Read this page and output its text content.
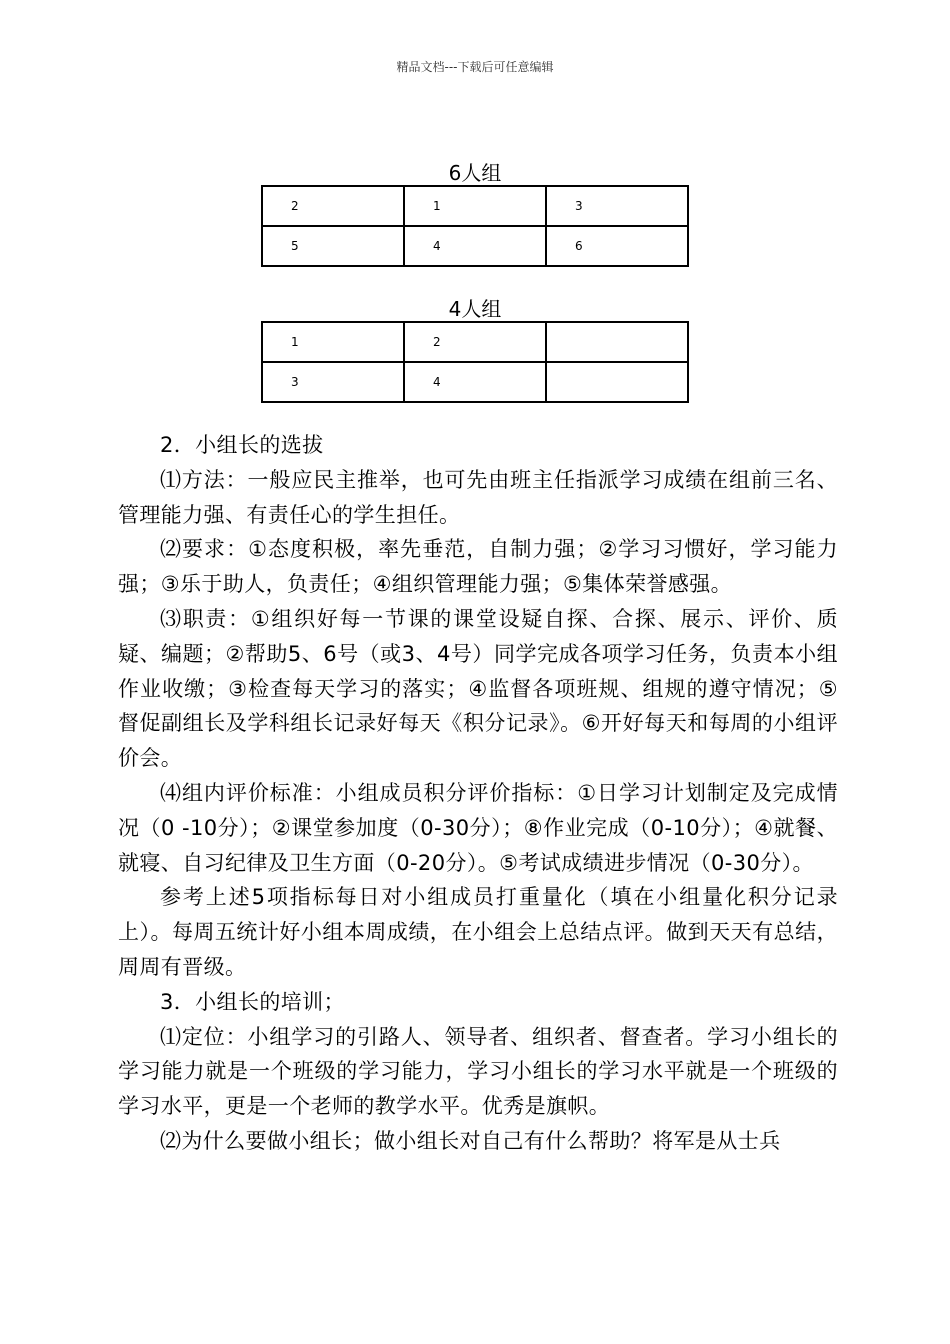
精品文档---下载后可任意编辑
6人组
2	1	3
5	4	6
4人组
1	2	
3	4	

2．小组长的选拔

⑴方法：一般应民主推举，也可先由班主任指派学习成绩在组前三名、管理能力强、有责任心的学生担任。

⑵要求：①态度积极，率先垂范，自制力强；②学习习惯好，学习能力强；③乐于助人，负责任；④组织管理能力强；⑤集体荣誉感强。

⑶职责：①组织好每一节课的课堂设疑自探、合探、展示、评价、质疑、编题；②帮助5、6号（或3、4号）同学完成各项学习任务，负责本小组作业收缴；③检查每天学习的落实；④监督各项班规、组规的遵守情况；⑤督促副组长及学科组长记录好每天《积分记录》。⑥开好每天和每周的小组评价会。

⑷组内评价标准：小组成员积分评价指标：①日学习计划制定及完成情况（0 -10分）；②课堂参加度（0-30分）；⑧作业完成（0-10分）；④就餐、就寝、自习纪律及卫生方面（0-20分）。⑤考试成绩进步情况（0-30分）。

参考上述5项指标每日对小组成员打重量化（填在小组量化积分记录上）。每周五统计好小组本周成绩，在小组会上总结点评。做到天天有总结，周周有晋级。

3．小组长的培训；

⑴定位：小组学习的引路人、领导者、组织者、督查者。学习小组长的学习能力就是一个班级的学习能力，学习小组长的学习水平就是一个班级的学习水平，更是一个老师的教学水平。优秀是旗帜。

⑵为什么要做小组长；做小组长对自己有什么帮助？将军是从士兵
